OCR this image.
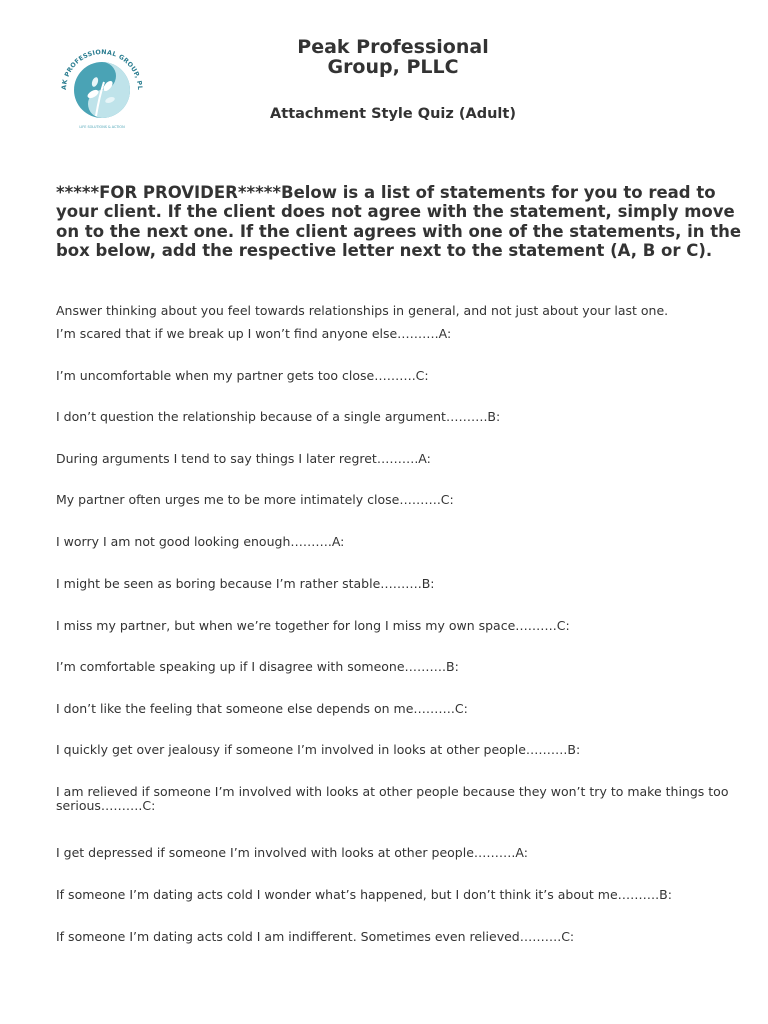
AK PROFESSIONAL GROUP, PL
LIFE SOLUTIONS & ACTION
Peak Professional
Group, PLLC
Attachment Style Quiz (Adult)

*****FOR PROVIDER*****Below is a list of statements for you to read to your client. If the client does not agree with the statement, simply move on to the next one. If the client agrees with one of the statements, in the box below, add the respective letter next to the statement (A, B or C).

Answer thinking about you feel towards relationships in general, and not just about your last one.

I’m scared that if we break up I won’t find anyone else……….A:

I’m uncomfortable when my partner gets too close……….C:

I don’t question the relationship because of a single argument……….B:

During arguments I tend to say things I later regret……….A:

My partner often urges me to be more intimately close……….C:

I worry I am not good looking enough……….A:

I might be seen as boring because I’m rather stable……….B:

I miss my partner, but when we’re together for long I miss my own space……….C:

I’m comfortable speaking up if I disagree with someone……….B:

I don’t like the feeling that someone else depends on me……….C:

I quickly get over jealousy if someone I’m involved in looks at other people……….B:

I am relieved if someone I’m involved with looks at other people because they won’t try to make things too serious……….C:

I get depressed if someone I’m involved with looks at other people……….A:

If someone I’m dating acts cold I wonder what’s happened, but I don’t think it’s about me……….B:

If someone I’m dating acts cold I am indifferent. Sometimes even relieved……….C:
